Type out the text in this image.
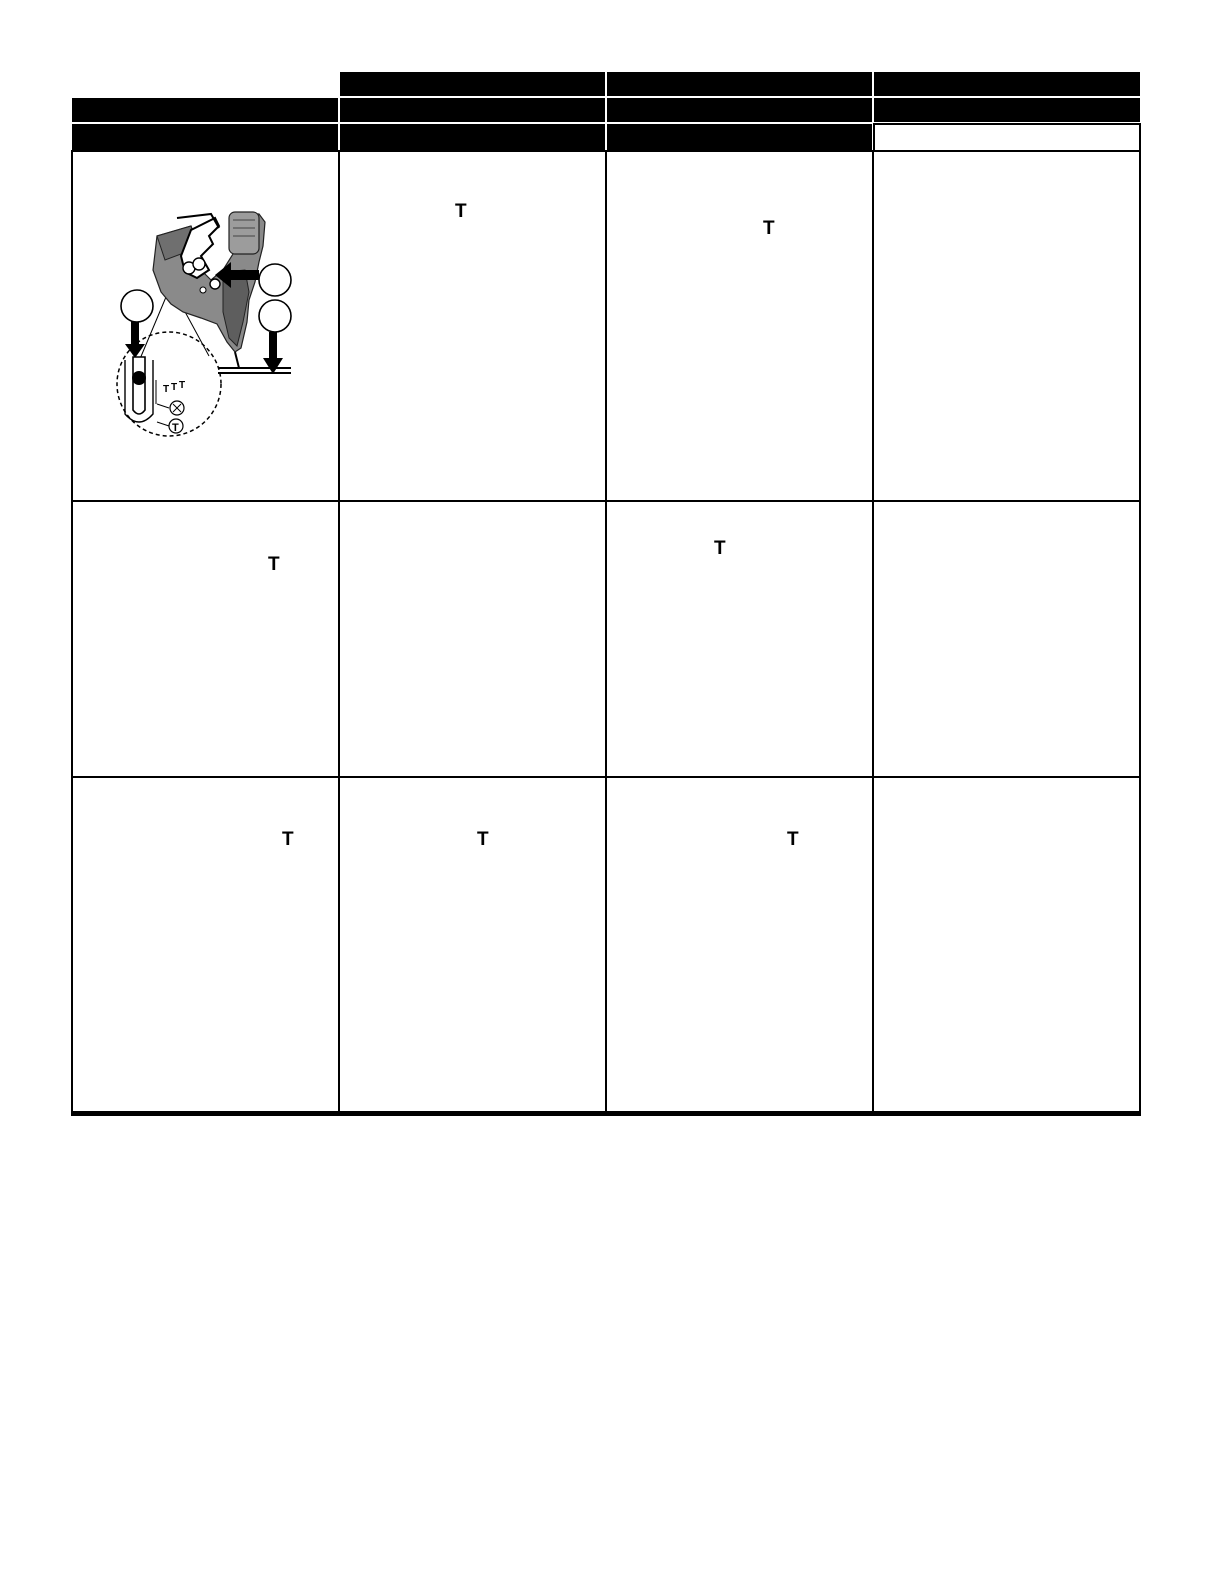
T T T
T
T
T
T
T
T	T	T
